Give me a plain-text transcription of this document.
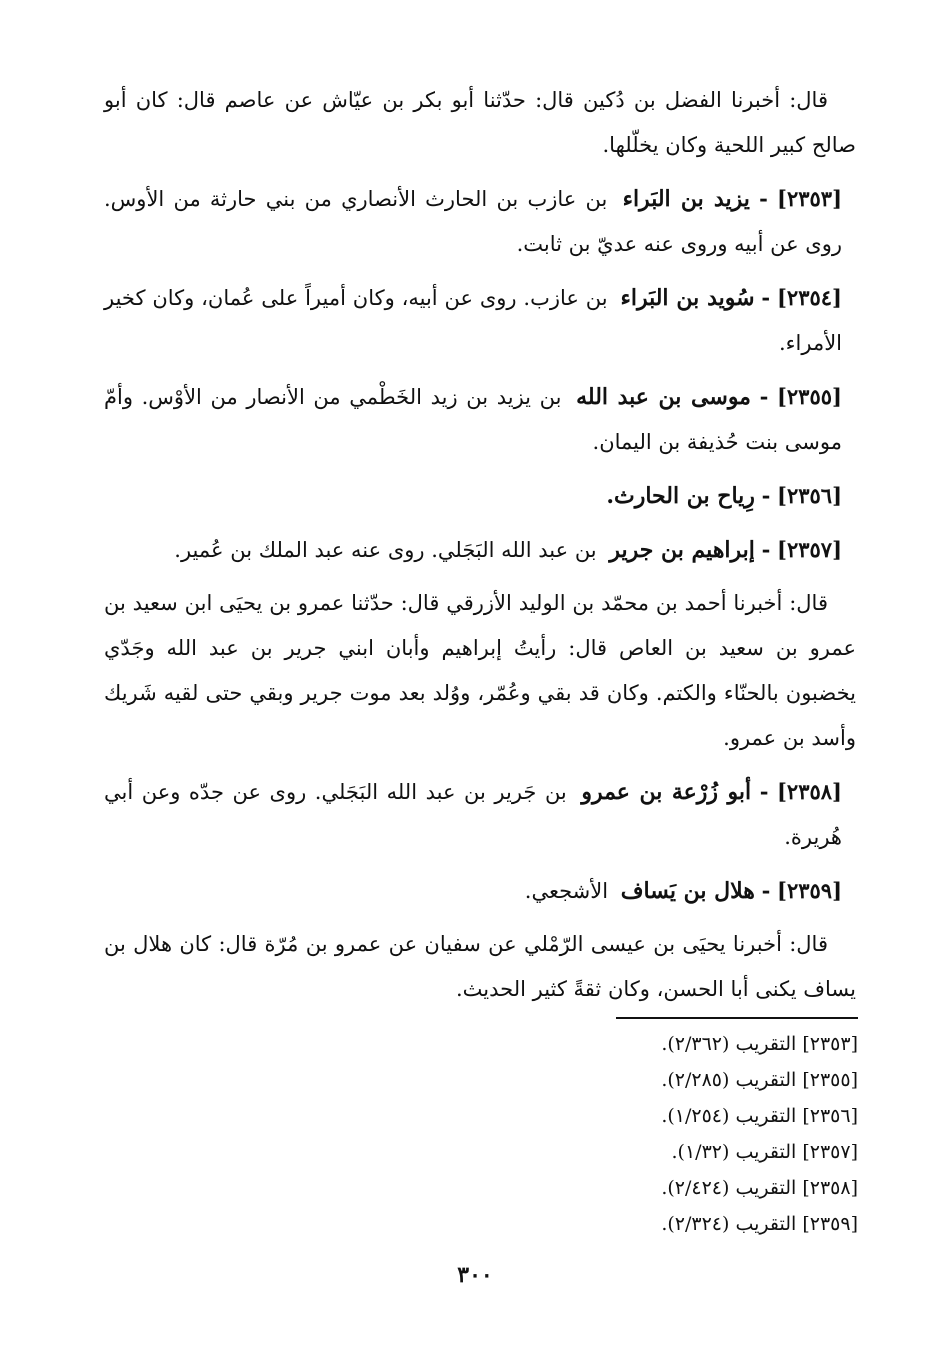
قال: أخبرنا الفضل بن دُكين قال: حدّثنا أبو بكر بن عيّاش عن عاصم قال: كان أبو صالح كبير اللحية وكان يخلّلها.

[٢٣٥٣] - يزيد بن البَراء بن عازب بن الحارث الأنصاري من بني حارثة من الأوس. روى عن أبيه وروى عنه عديّ بن ثابت.

[٢٣٥٤] - سُويد بن البَراء بن عازب. روى عن أبيه، وكان أميراً على عُمان، وكان كخير الأمراء.

[٢٣٥٥] - موسى بن عبد الله بن يزيد بن زيد الخَطْمي من الأنصار من الأوْس. وأمّ موسى بنت حُذيفة بن اليمان.

[٢٣٥٦] - رِياح بن الحارث.

[٢٣٥٧] - إبراهيم بن جرير بن عبد الله البَجَلي. روى عنه عبد الملك بن عُمير.

قال: أخبرنا أحمد بن محمّد بن الوليد الأزرقي قال: حدّثنا عمرو بن يحيَى ابن سعيد بن عمرو بن سعيد بن العاص قال: رأيتُ إبراهيم وأبان ابني جرير بن عبد الله وجَدّي يخضبون بالحنّاء والكتم. وكان قد بقي وعُمّر، ووُلد بعد موت جرير وبقي حتى لقيه شَريك وأسد بن عمرو.

[٢٣٥٨] - أبو زُرْعة بن عمرو بن جَرير بن عبد الله البَجَلي. روى عن جدّه وعن أبي هُريرة.

[٢٣٥٩] - هلال بن يَساف الأشجعي.

قال: أخبرنا يحيَى بن عيسى الرّمْلي عن سفيان عن عمرو بن مُرّة قال: كان هلال بن يساف يكنى أبا الحسن، وكان ثقةً كثير الحديث.

[٢٣٥٣] التقريب (٢/٣٦٢).
[٢٣٥٥] التقريب (٢/٢٨٥).
[٢٣٥٦] التقريب (١/٢٥٤).
[٢٣٥٧] التقريب (١/٣٢).
[٢٣٥٨] التقريب (٢/٤٢٤).
[٢٣٥٩] التقريب (٢/٣٢٤).
٣٠٠
